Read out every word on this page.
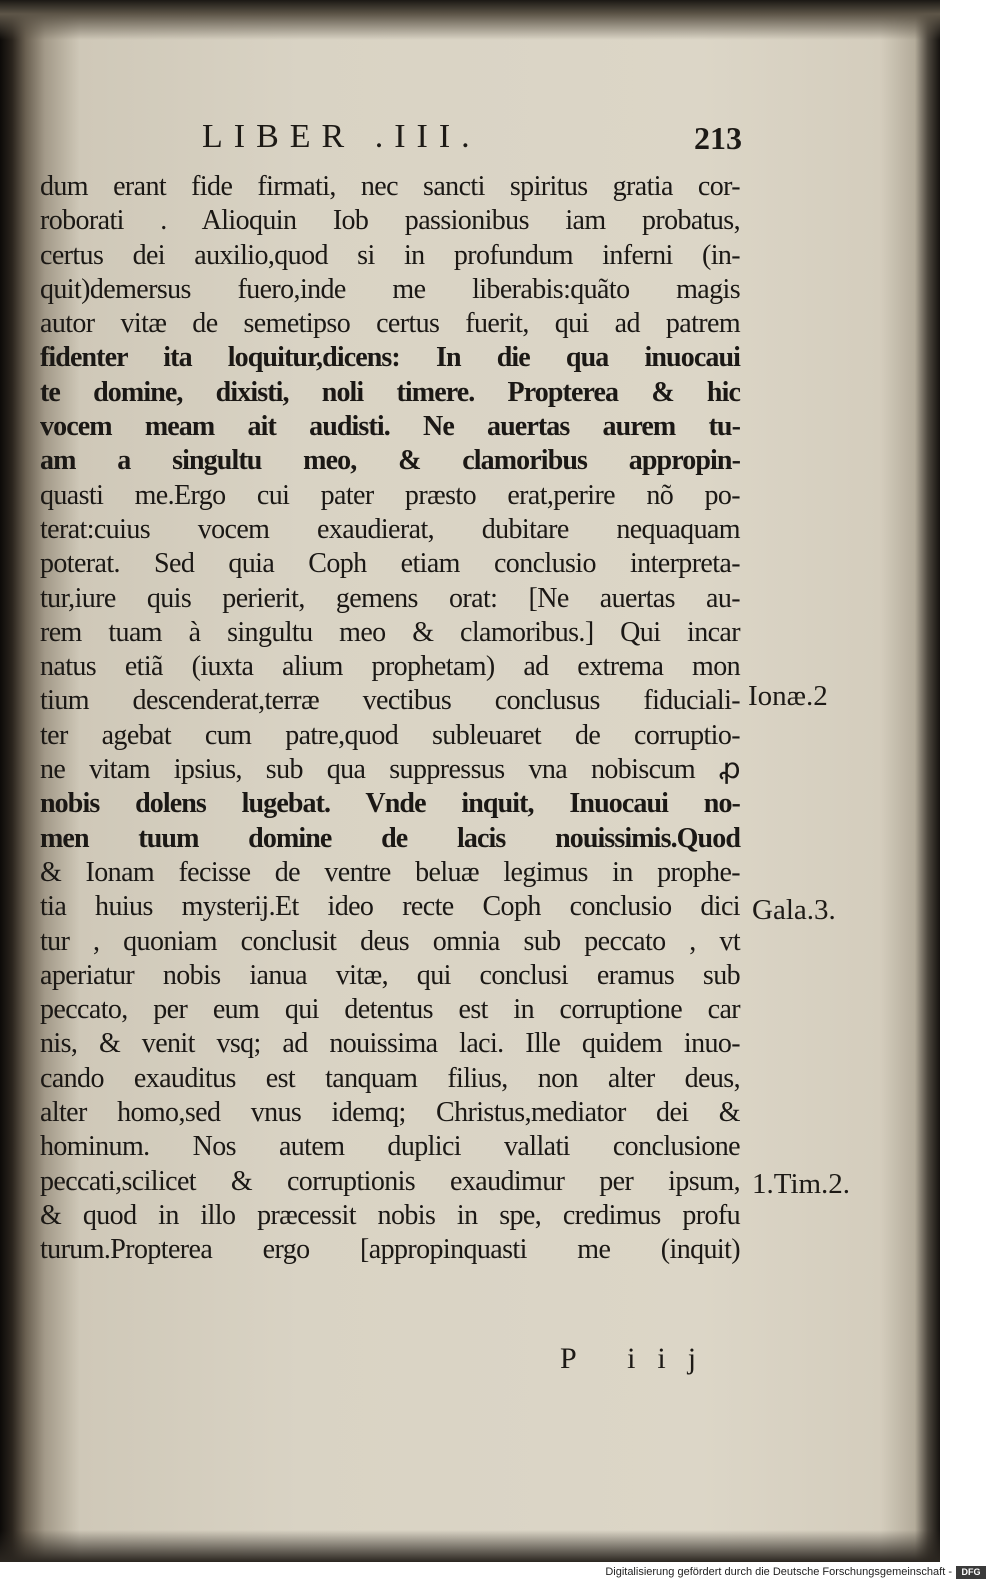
LIBER .III.	213
dum erant fide firmati, nec sancti spiritus gratia cor-
roborati . Alioquin Iob passionibus iam probatus,
certus dei auxilio,quod si in profundum inferni (in-
quit)demersus fuero,inde me liberabis:quãto magis
autor vitæ de semetipso certus fuerit, qui ad patrem
fidenter ita loquitur,dicens: In die qua inuocaui
te domine, dixisti, noli timere. Propterea & hic
vocem meam ait audisti. Ne auertas aurem tu-
am a singultu meo, & clamoribus appropin-
quasti me.Ergo cui pater præsto erat,perire nõ po-
terat:cuius vocem exaudierat, dubitare nequaquam
poterat. Sed quia Coph etiam conclusio interpreta-
tur,iure quis perierit, gemens orat: [Ne auertas au-
rem tuam à singultu meo & clamoribus.] Qui incar
natus etiã (iuxta alium prophetam) ad extrema mon
tium descenderat,terræ vectibus conclusus fiduciali-
ter agebat cum patre,quod subleuaret de corruptio-
ne vitam ipsius, sub qua suppressus vna nobiscum ꝓ
nobis dolens lugebat. Vnde inquit, Inuocaui no-
men tuum domine de lacis nouissimis.Quod
& Ionam fecisse de ventre beluæ legimus in prophe-
tia huius mysterij.Et ideo recte Coph conclusio dici
tur , quoniam conclusit deus omnia sub peccato , vt
aperiatur nobis ianua vitæ, qui conclusi eramus sub
peccato, per eum qui detentus est in corruptione car
nis, & venit vsq; ad nouissima laci. Ille quidem inuo-
cando exauditus est tanquam filius, non alter deus,
alter homo,sed vnus idemq; Christus,mediator dei &
hominum. Nos autem duplici vallati conclusione
peccati,scilicet & corruptionis exaudimur per ipsum,
& quod in illo præcessit nobis in spe, credimus profu
turum.Propterea ergo [appropinquasti me (inquit)
Ionæ.2
Gala.3.
1.Tim.2.
P iij
Digitalisierung gefördert durch die Deutsche Forschungsgemeinschaft -	DFG
